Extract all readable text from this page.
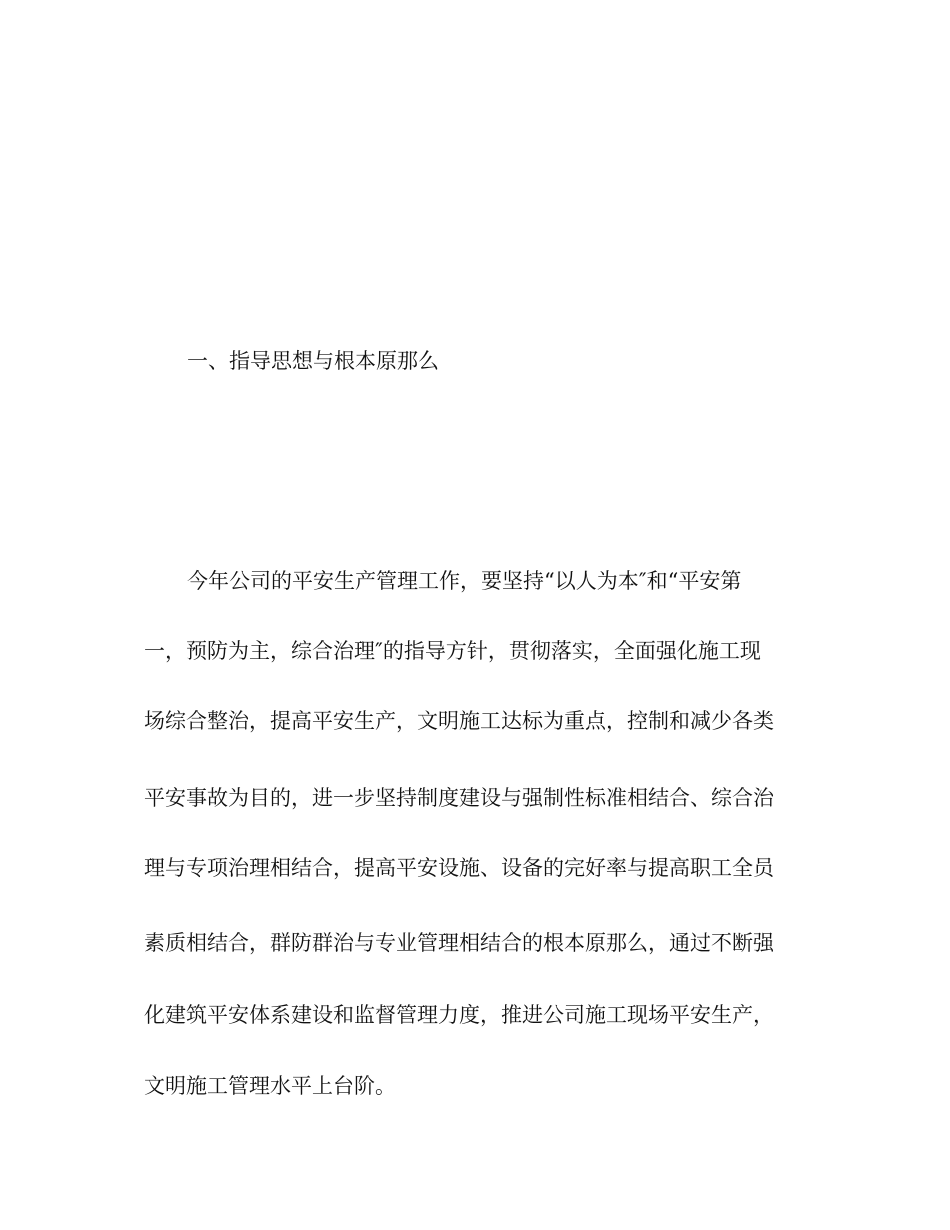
一、指导思想与根本原那么

今年公司的平安生产管理工作，要坚持“以人为本″和“平安第

一，预防为主，综合治理″的指导方针，贯彻落实，全面强化施工现

场综合整治，提高平安生产，文明施工达标为重点，控制和减少各类

平安事故为目的，进一步坚持制度建设与强制性标准相结合、综合治

理与专项治理相结合，提高平安设施、设备的完好率与提高职工全员

素质相结合，群防群治与专业管理相结合的根本原那么，通过不断强

化建筑平安体系建设和监督管理力度，推进公司施工现场平安生产，

文明施工管理水平上台阶。
